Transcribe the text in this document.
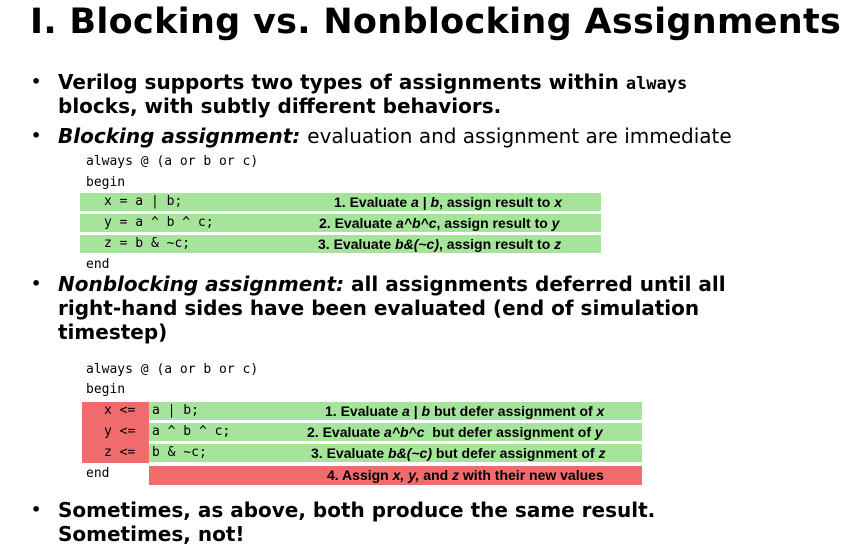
I. Blocking vs. Nonblocking Assignments
• Verilog supports two types of assignments within always
blocks, with subtly different behaviors.
• Blocking assignment: evaluation and assignment are immediate
always @ (a or b or c)
begin
x = a | b;
y = a ^ b ^ c;
z = b & ~c;
1. Evaluate a | b, assign result to x
2. Evaluate a^b^c, assign result to y
3. Evaluate b&(~c), assign result to z
end
• Nonblocking assignment: all assignments deferred until all
right-hand sides have been evaluated (end of simulation
timestep)
always @ (a or b or c)
begin
x <=
y <=
z <=
a | b;
a ^ b ^ c;
b & ~c;
1. Evaluate a | b but defer assignment of x
2. Evaluate a^b^c  but defer assignment of y
3. Evaluate b&(~c) but defer assignment of z
end	4. Assign x, y, and z with their new values
• Sometimes, as above, both produce the same result.
Sometimes, not!
